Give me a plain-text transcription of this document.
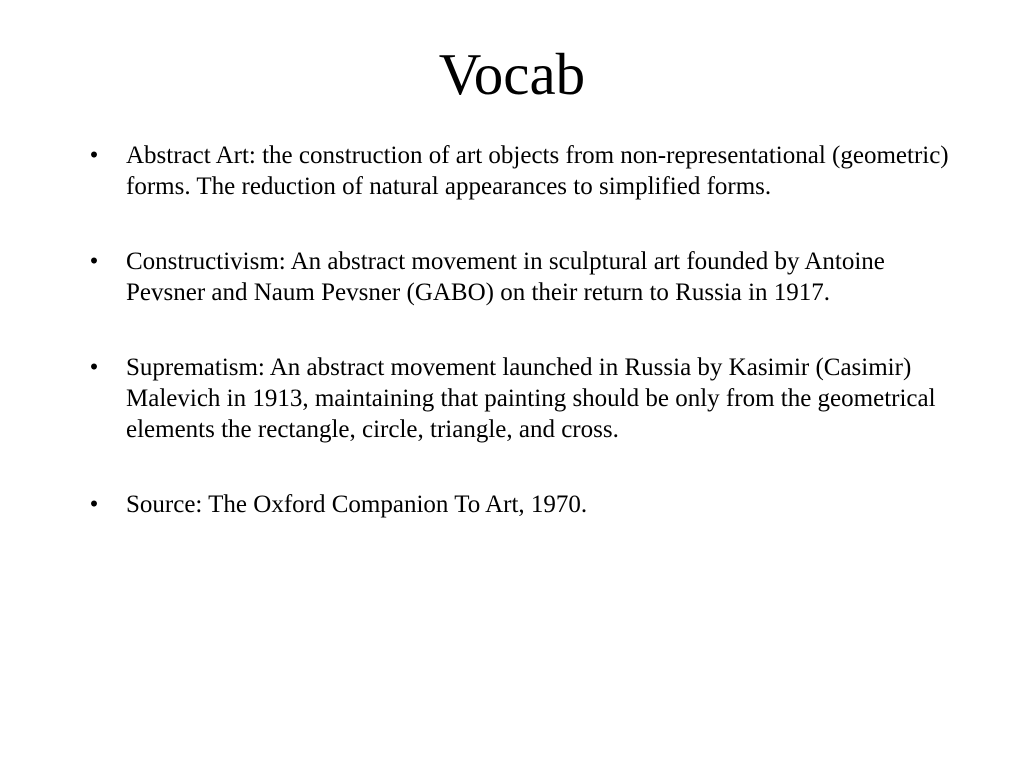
Vocab
• Abstract Art: the construction of art objects from non-representational (geometric) forms. The reduction of natural appearances to simplified forms.
• Constructivism: An abstract movement in sculptural art founded by Antoine Pevsner and Naum Pevsner (GABO) on their return to Russia in 1917.
• Suprematism: An abstract movement launched in Russia by Kasimir (Casimir) Malevich in 1913, maintaining that painting should be only from the geometrical elements the rectangle, circle, triangle, and cross.
• Source: The Oxford Companion To Art, 1970.
